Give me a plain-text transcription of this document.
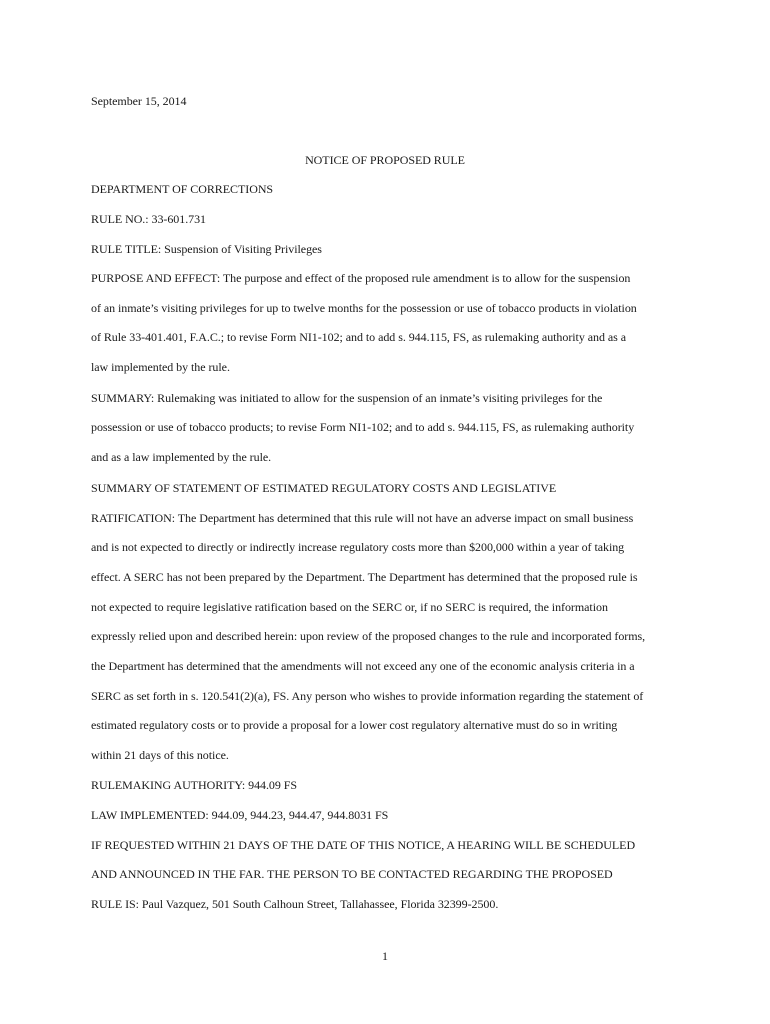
September 15, 2014
NOTICE OF PROPOSED RULE
DEPARTMENT OF CORRECTIONS
RULE NO.: 33-601.731
RULE TITLE: Suspension of Visiting Privileges
PURPOSE AND EFFECT: The purpose and effect of the proposed rule amendment is to allow for the suspension
of an inmate’s visiting privileges for up to twelve months for the possession or use of tobacco products in violation
of Rule 33-401.401, F.A.C.; to revise Form NI1-102; and to add s. 944.115, FS, as rulemaking authority and as a
law implemented by the rule.
SUMMARY: Rulemaking was initiated to allow for the suspension of an inmate’s visiting privileges for the
possession or use of tobacco products; to revise Form NI1-102; and to add s. 944.115, FS, as rulemaking authority
and as a law implemented by the rule.
SUMMARY OF STATEMENT OF ESTIMATED REGULATORY COSTS AND LEGISLATIVE
RATIFICATION: The Department has determined that this rule will not have an adverse impact on small business
and is not expected to directly or indirectly increase regulatory costs more than $200,000 within a year of taking
effect. A SERC has not been prepared by the Department. The Department has determined that the proposed rule is
not expected to require legislative ratification based on the SERC or, if no SERC is required, the information
expressly relied upon and described herein: upon review of the proposed changes to the rule and incorporated forms,
the Department has determined that the amendments will not exceed any one of the economic analysis criteria in a
SERC as set forth in s. 120.541(2)(a), FS. Any person who wishes to provide information regarding the statement of
estimated regulatory costs or to provide a proposal for a lower cost regulatory alternative must do so in writing
within 21 days of this notice.
RULEMAKING AUTHORITY: 944.09 FS
LAW IMPLEMENTED: 944.09, 944.23, 944.47, 944.8031 FS
IF REQUESTED WITHIN 21 DAYS OF THE DATE OF THIS NOTICE, A HEARING WILL BE SCHEDULED
AND ANNOUNCED IN THE FAR. THE PERSON TO BE CONTACTED REGARDING THE PROPOSED
RULE IS: Paul Vazquez, 501 South Calhoun Street, Tallahassee, Florida 32399-2500.
1
